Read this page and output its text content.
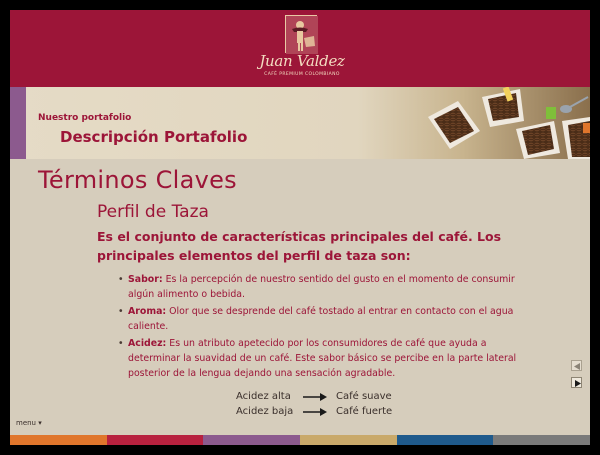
Juan Valdez
CAFÉ PREMIUM COLOMBIANO
Nuestro portafolio
Descripción Portafolio
Términos Claves
Perfil de Taza
Es el conjunto de características principales del café. Los principales elementos del perfil de taza son:
• Sabor: Es la percepción de nuestro sentido del gusto en el momento de consumir algún alimento o bebida.
• Aroma: Olor que se desprende del café tostado al entrar en contacto con el agua caliente.
• Acidez: Es un atributo apetecido por los consumidores de café que ayuda a determinar la suavidad de un café. Este sabor básico se percibe en la parte lateral posterior de la lengua dejando una sensación agradable.
Acidez alta	Café suave
Acidez baja	Café fuerte
menu ▾
